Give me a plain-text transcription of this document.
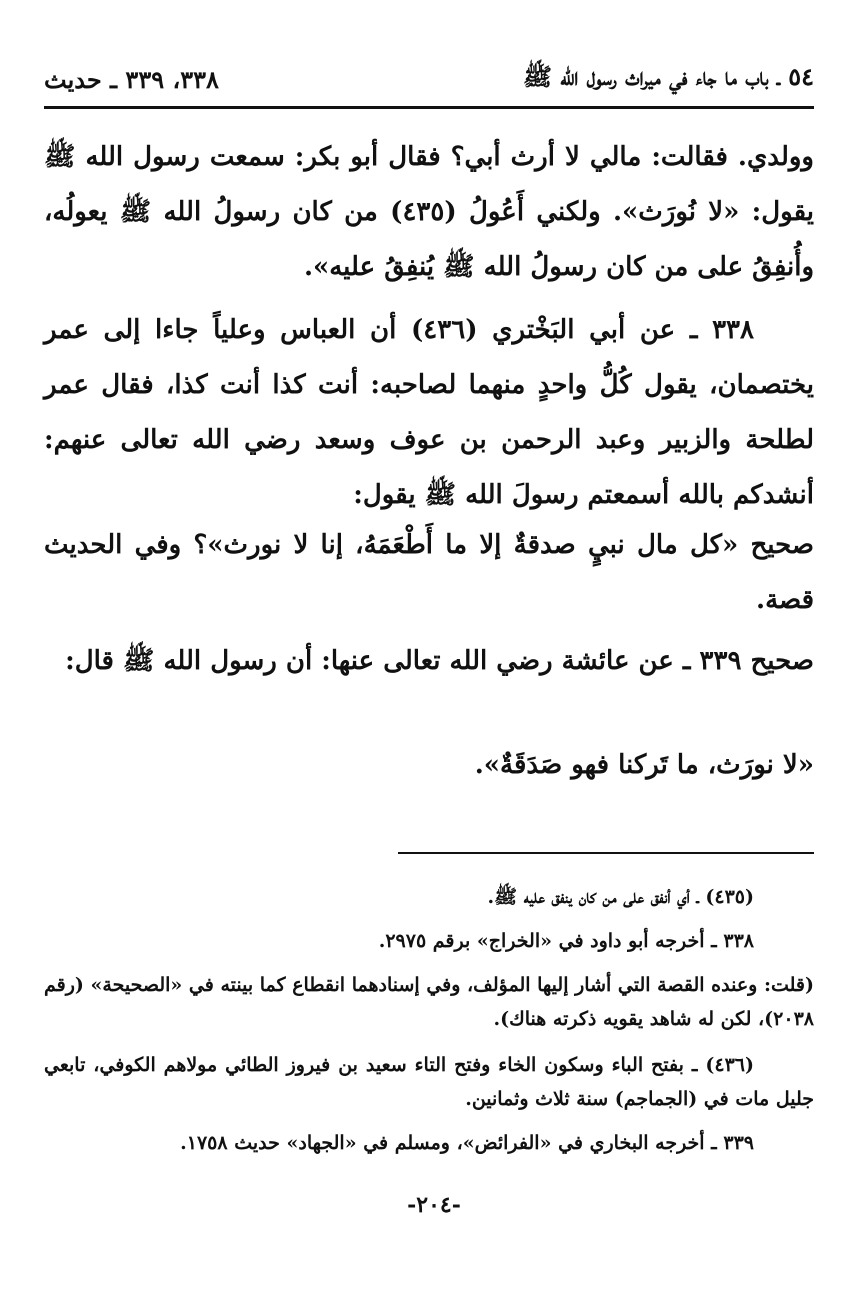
٥٤ ـ باب ما جاء في ميراث رسول الله ﷺ
٣٣٨، ٣٣٩ ـ حديث
وولدي. فقالت: مالي لا أرث أبي؟ فقال أبو بكر: سمعت رسول الله ﷺ يقول: «لا نُورَث». ولكني أَعُولُ (٤٣٥) من كان رسولُ الله ﷺ يعولُه، وأُنفِقُ على من كان رسولُ الله ﷺ يُنفِقُ عليه».
٣٣٨ ـ عن أبي البَخْتري (٤٣٦) أن العباس وعلياً جاءا إلى عمر يختصمان، يقول كُلُّ واحدٍ منهما لصاحبه: أنت كذا أنت كذا، فقال عمر لطلحة والزبير وعبد الرحمن بن عوف وسعد رضي الله تعالى عنهم: أنشدكم بالله أسمعتم رسولَ الله ﷺ يقول:
صحيح «كل مال نبيٍ صدقةٌ إلا ما أَطْعَمَهُ، إنا لا نورث»؟ وفي الحديث قصة.
صحيح ٣٣٩ ـ عن عائشة رضي الله تعالى عنها: أن رسول الله ﷺ قال:
«لا نورَث، ما تَركنا فهو صَدَقَةٌ».
(٤٣٥) ـ أي أنفق على من كان ينفق عليه ﷺ.
٣٣٨ ـ أخرجه أبو داود في «الخراج» برقم ٢٩٧٥.
(قلت: وعنده القصة التي أشار إليها المؤلف، وفي إسنادهما انقطاع كما بينته في «الصحيحة» (رقم ٢٠٣٨)، لكن له شاهد يقويه ذكرته هناك).
(٤٣٦) ـ بفتح الباء وسكون الخاء وفتح التاء سعيد بن فيروز الطائي مولاهم الكوفي، تابعي جليل مات في (الجماجم) سنة ثلاث وثمانين.
٣٣٩ ـ أخرجه البخاري في «الفرائض»، ومسلم في «الجهاد» حديث ١٧٥٨.
-٢٠٤-
